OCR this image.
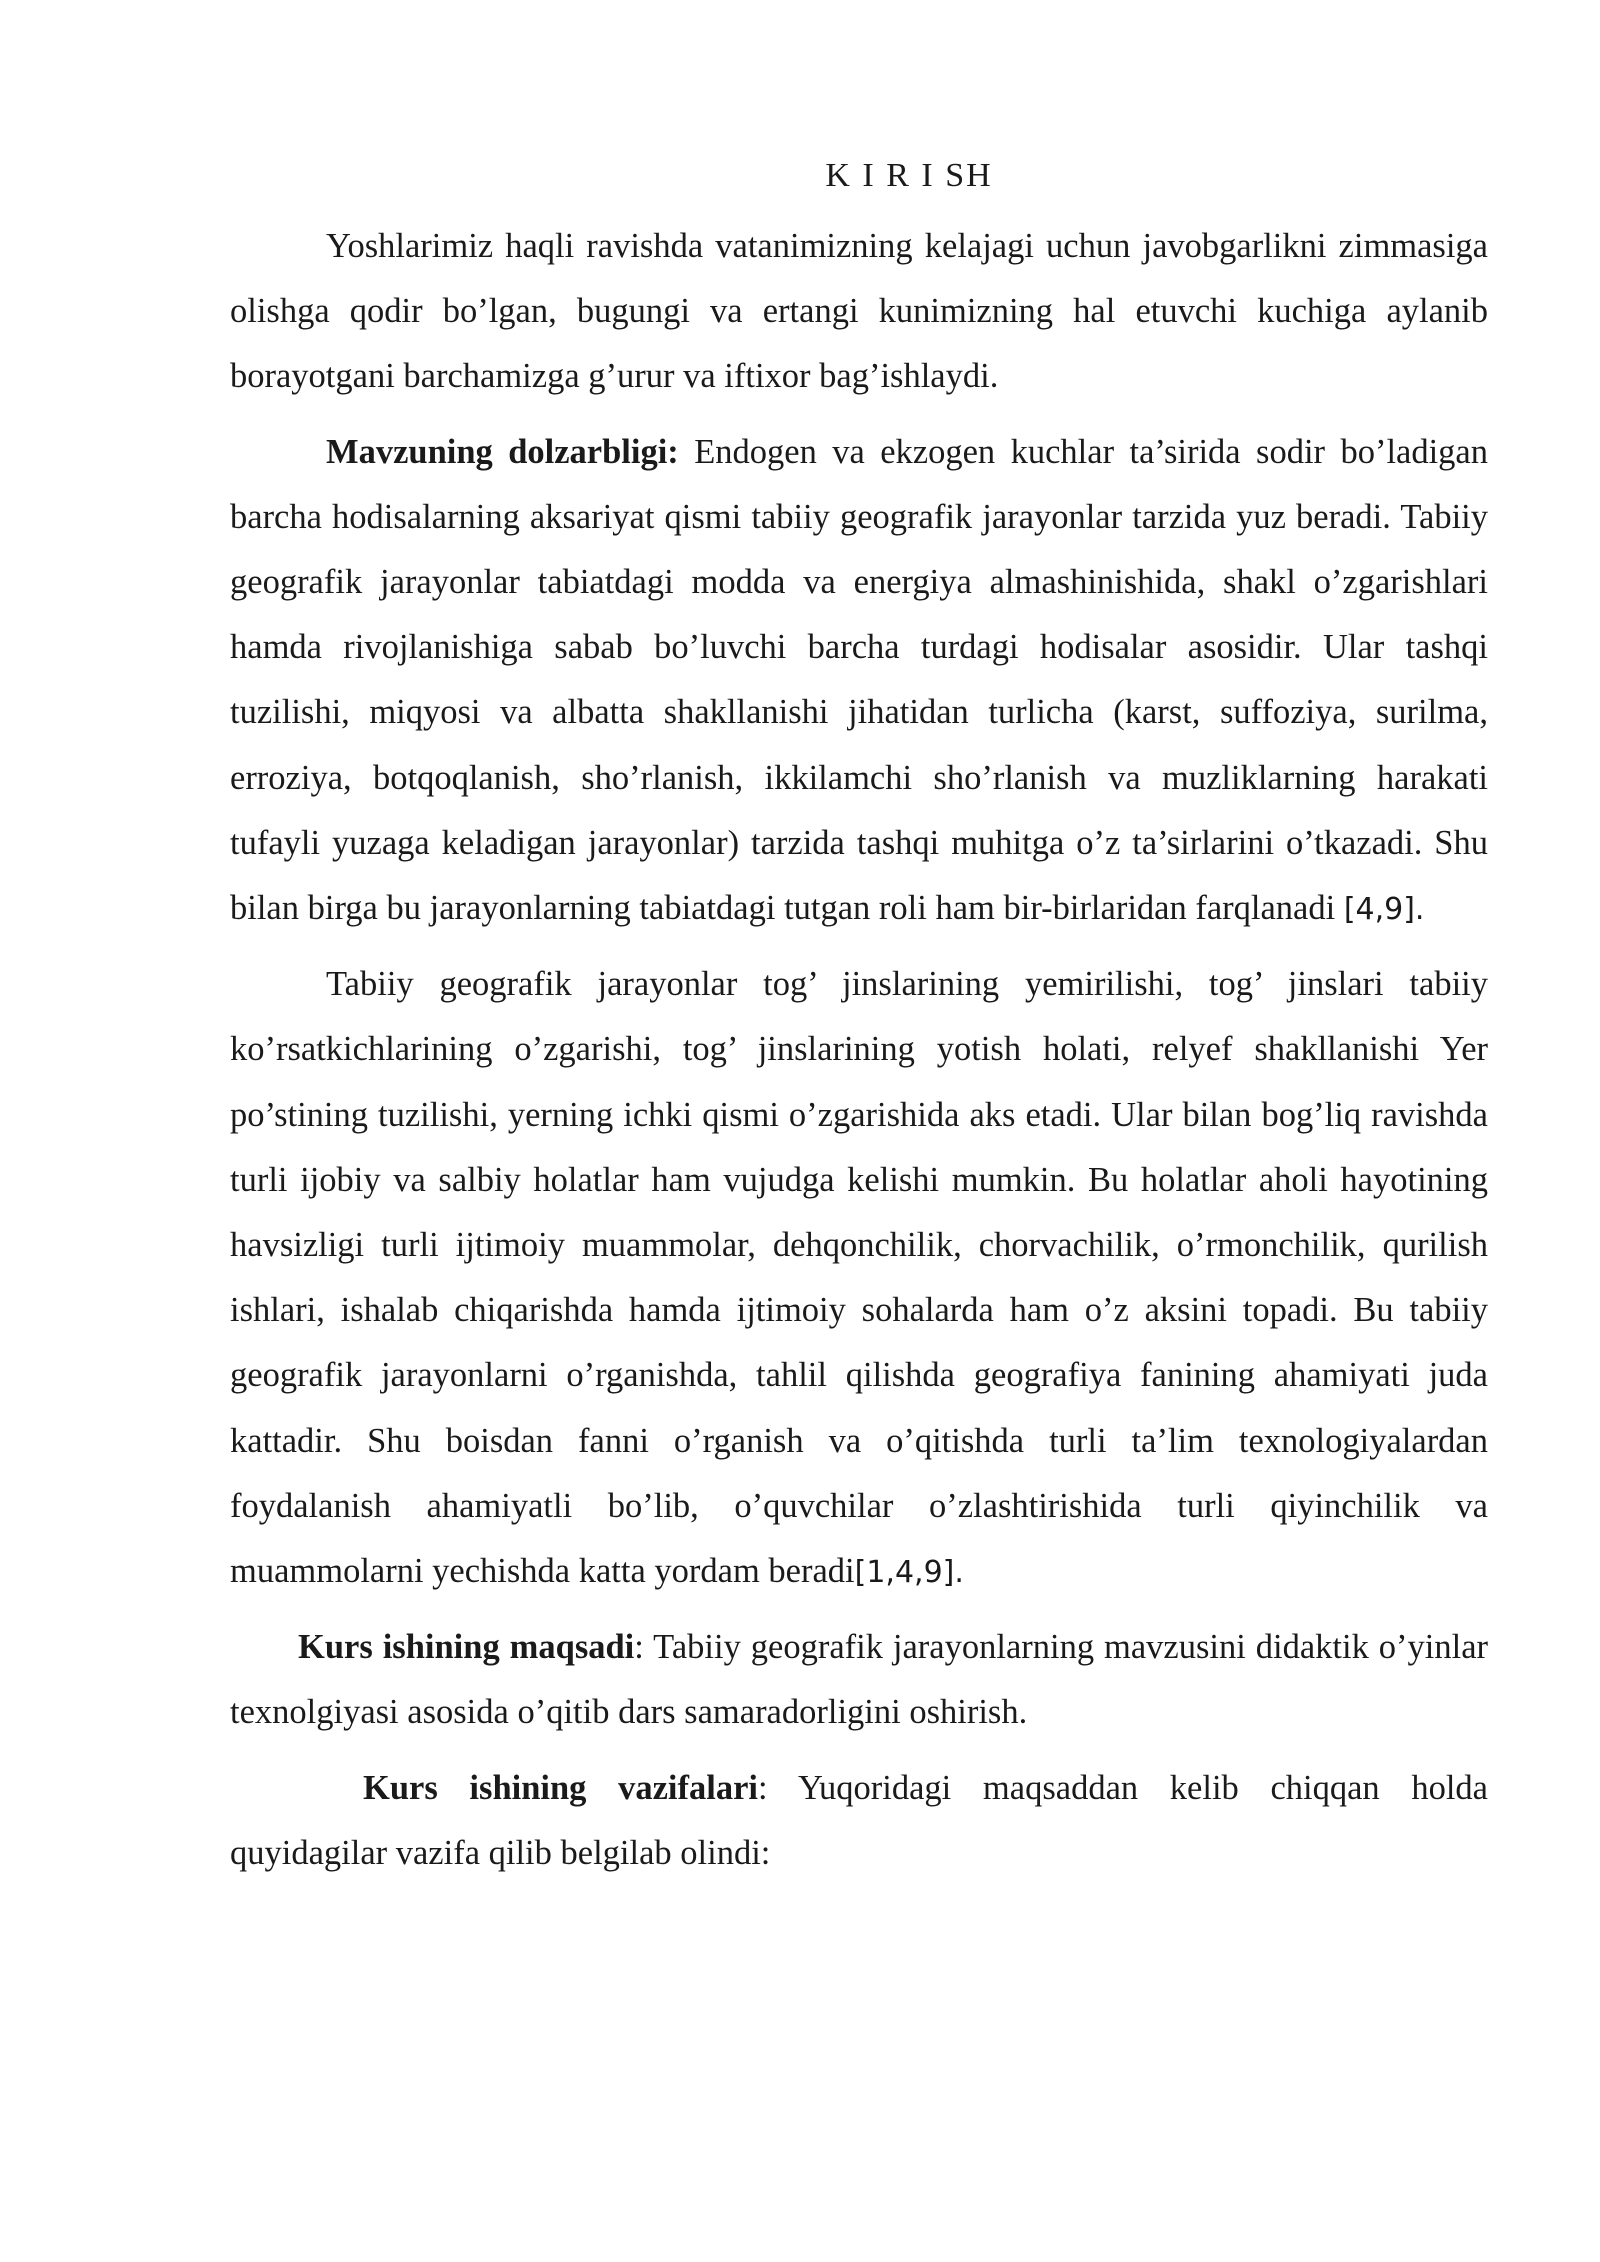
K I R I SH

Yoshlarimiz haqli ravishda vatanimizning kelajagi uchun javobgarlikni zimmasiga olishga qodir bo’lgan, bugungi va ertangi kunimizning hal etuvchi kuchiga aylanib borayotgani barchamizga g’urur va iftixor bag’ishlaydi.

Mavzuning dolzarbligi: Endogen va ekzogen kuchlar ta’sirida sodir bo’ladigan barcha hodisalarning aksariyat qismi tabiiy geografik jarayonlar tarzida yuz beradi. Tabiiy geografik jarayonlar tabiatdagi modda va energiya almashinishida, shakl o’zgarishlari hamda rivojlanishiga sabab bo’luvchi barcha turdagi hodisalar asosidir. Ular tashqi tuzilishi, miqyosi va albatta shakllanishi jihatidan turlicha (karst, suffoziya, surilma, erroziya, botqoqlanish, sho’rlanish, ikkilamchi sho’rlanish va muzliklarning harakati tufayli yuzaga keladigan jarayonlar) tarzida tashqi muhitga o’z ta’sirlarini o’tkazadi. Shu bilan birga bu jarayonlarning tabiatdagi tutgan roli ham bir-birlaridan farqlanadi [4,9].

Tabiiy geografik jarayonlar tog’ jinslarining yemirilishi, tog’ jinslari tabiiy ko’rsatkichlarining o’zgarishi, tog’ jinslarining yotish holati, relyef shakllanishi Yer po’stining tuzilishi, yerning ichki qismi o’zgarishida aks etadi. Ular bilan bog’liq ravishda turli ijobiy va salbiy holatlar ham vujudga kelishi mumkin. Bu holatlar aholi hayotining havsizligi turli ijtimoiy muammolar, dehqonchilik, chorvachilik, o’rmonchilik, qurilish ishlari, ishalab chiqarishda hamda ijtimoiy sohalarda ham o’z aksini topadi. Bu tabiiy geografik jarayonlarni o’rganishda, tahlil qilishda geografiya fanining ahamiyati juda kattadir. Shu boisdan fanni o’rganish va o’qitishda turli ta’lim texnologiyalardan foydalanish ahamiyatli bo’lib, o’quvchilar o’zlashtirishida turli qiyinchilik va muammolarni yechishda katta yordam beradi[1,4,9].

Kurs ishining maqsadi: Tabiiy geografik jarayonlarning mavzusini didaktik o’yinlar texnolgiyasi asosida o’qitib dars samaradorligini oshirish.

Kurs ishining vazifalari: Yuqoridagi maqsaddan kelib chiqqan holda quyidagilar vazifa qilib belgilab olindi:
